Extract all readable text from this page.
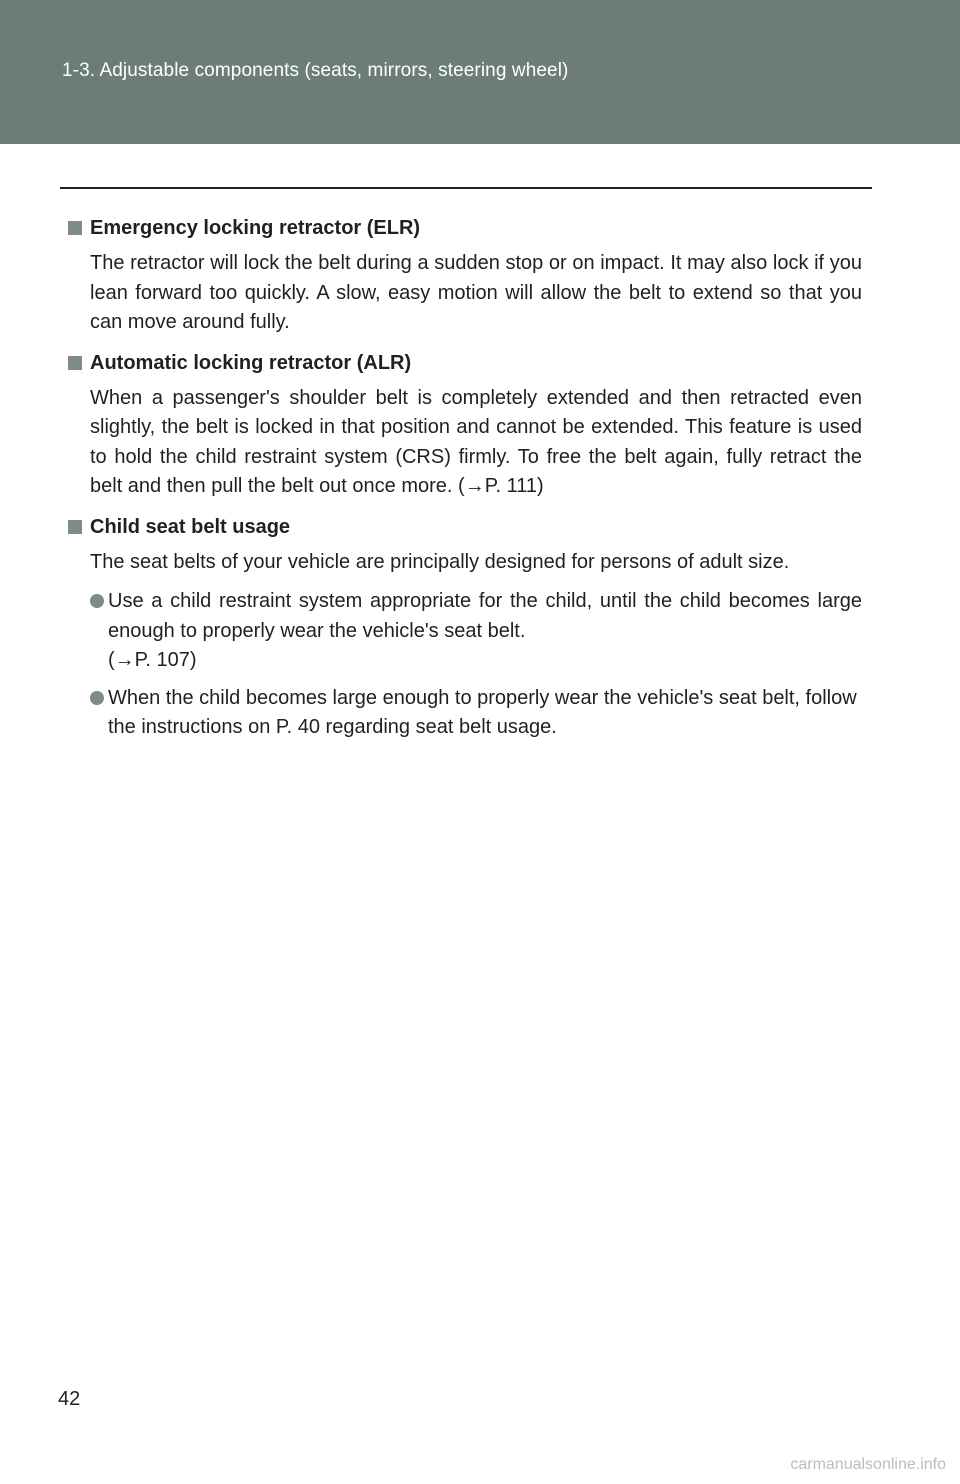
1-3. Adjustable components (seats, mirrors, steering wheel)
Emergency locking retractor (ELR)

The retractor will lock the belt during a sudden stop or on impact. It may also lock if you lean forward too quickly. A slow, easy motion will allow the belt to extend so that you can move around fully.

Automatic locking retractor (ALR)

When a passenger's shoulder belt is completely extended and then retracted even slightly, the belt is locked in that position and cannot be extended. This feature is used to hold the child restraint system (CRS) firmly. To free the belt again, fully retract the belt and then pull the belt out once more. (→P. 111)

Child seat belt usage

The seat belts of your vehicle are principally designed for persons of adult size.

Use a child restraint system appropriate for the child, until the child becomes large enough to properly wear the vehicle's seat belt.
(→P. 107)
When the child becomes large enough to properly wear the vehicle's seat belt, follow the instructions on P. 40 regarding seat belt usage.
42
carmanualsonline.info
